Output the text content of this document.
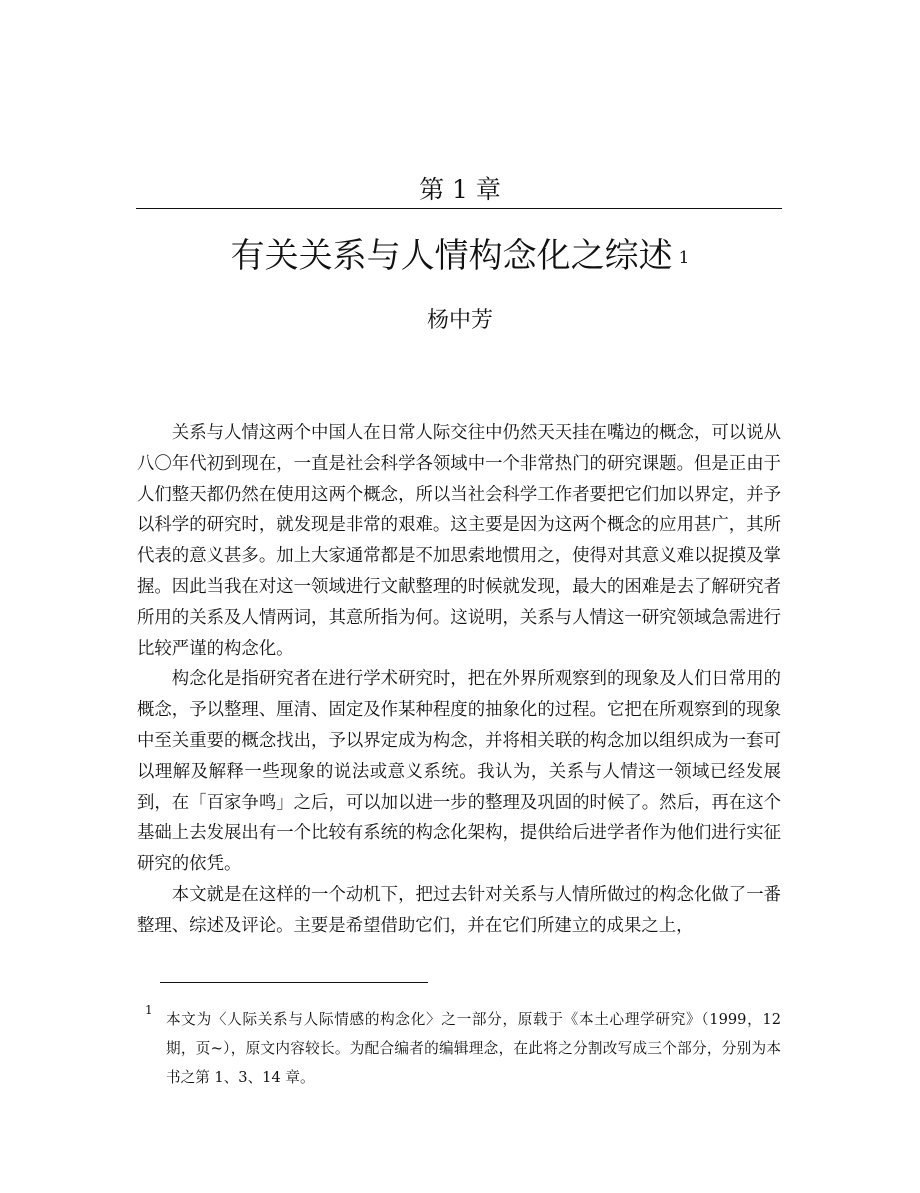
第 1 章
有关关系与人情构念化之综述 $^1$
杨中芳

关系与人情这两个中国人在日常人际交往中仍然天天挂在嘴边的概念，可以说从八〇年代初到现在，一直是社会科学各领域中一个非常热门的研究课题。但是正由于人们整天都仍然在使用这两个概念，所以当社会科学工作者要把它们加以界定，并予以科学的研究时，就发现是非常的艰难。这主要是因为这两个概念的应用甚广，其所代表的意义甚多。加上大家通常都是不加思索地惯用之，使得对其意义难以捉摸及掌握。因此当我在对这一领域进行文献整理的时候就发现，最大的困难是去了解研究者所用的关系及人情两词，其意所指为何。这说明，关系与人情这一研究领域急需进行比较严谨的构念化。

构念化是指研究者在进行学术研究时，把在外界所观察到的现象及人们日常用的概念，予以整理、厘清、固定及作某种程度的抽象化的过程。它把在所观察到的现象中至关重要的概念找出，予以界定成为构念，并将相关联的构念加以组织成为一套可以理解及解释一些现象的说法或意义系统。我认为，关系与人情这一领域已经发展到，在「百家争鸣」之后，可以加以进一步的整理及巩固的时候了。然后，再在这个基础上去发展出有一个比较有系统的构念化架构，提供给后进学者作为他们进行实征研究的依凭。

本文就是在这样的一个动机下，把过去针对关系与人情所做过的构念化做了一番整理、综述及评论。主要是希望借助它们，并在它们所建立的成果之上，

1
本文为〈人际关系与人际情感的构念化〉之一部分，原载于《本土心理学研究》（1999，12 期，页~），原文内容较长。为配合编者的编辑理念，在此将之分割改写成三个部分，分别为本书之第 1、3、14 章。
